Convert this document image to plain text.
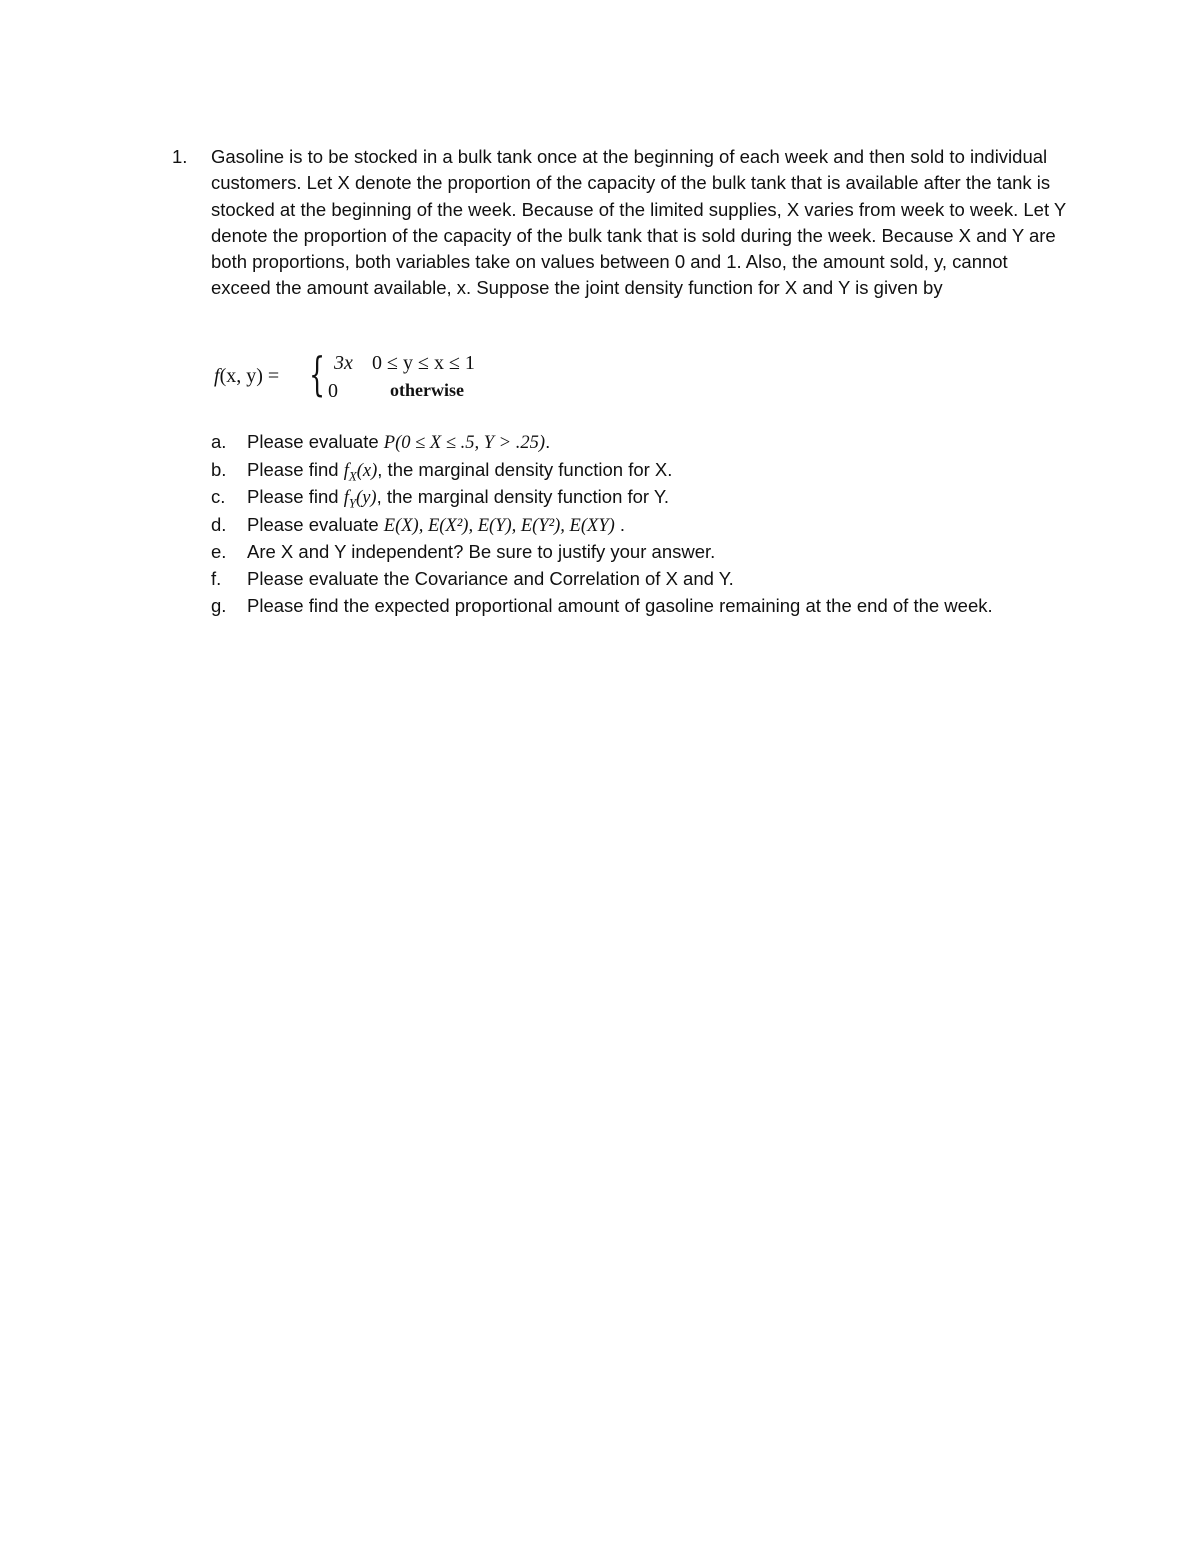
1. Gasoline is to be stocked in a bulk tank once at the beginning of each week and then sold to individual customers. Let X denote the proportion of the capacity of the bulk tank that is available after the tank is stocked at the beginning of the week. Because of the limited supplies, X varies from week to week. Let Y denote the proportion of the capacity of the bulk tank that is sold during the week. Because X and Y are both proportions, both variables take on values between 0 and 1. Also, the amount sold, y, cannot exceed the amount available, x. Suppose the joint density function for X and Y is given by
f(x, y) = { 3x 0 ≤ y ≤ x ≤ 1
0	otherwise
a. Please evaluate P(0 ≤ X ≤ .5, Y > .25).
b. Please find $f_X(x)$, the marginal density function for X.
c. Please find $f_Y(y)$, the marginal density function for Y.
d. Please evaluate E(X), E(X²), E(Y), E(Y²), E(XY) .
e. Are X and Y independent? Be sure to justify your answer.
f. Please evaluate the Covariance and Correlation of X and Y.
g. Please find the expected proportional amount of gasoline remaining at the end of the week.
